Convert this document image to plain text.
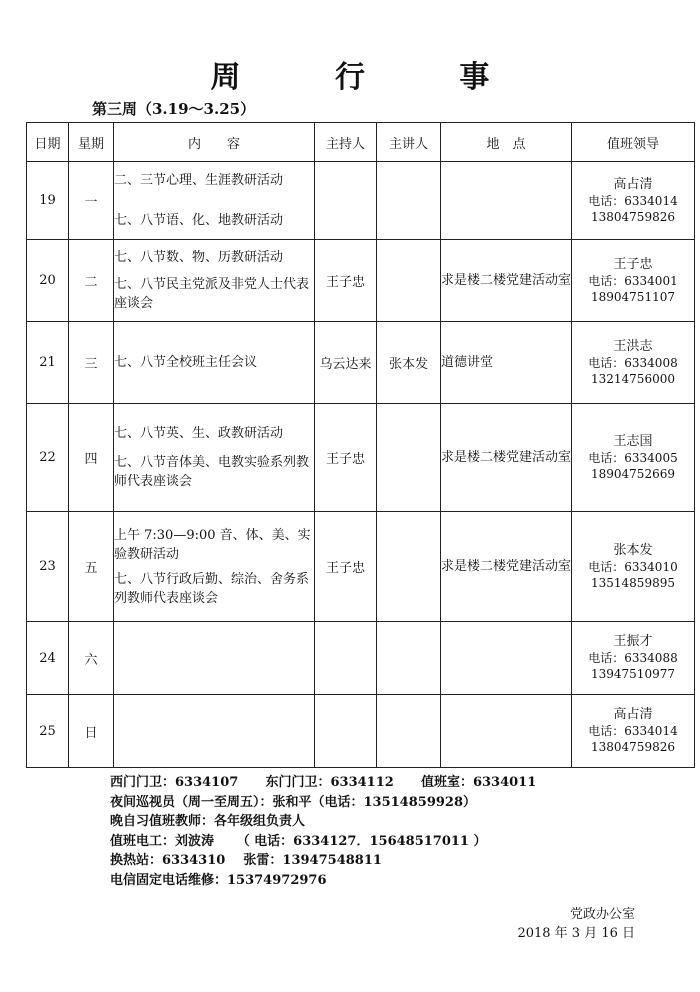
周 行 事
第三周（3.19～3.25）
日期	星期	内　　容	主持人	主讲人	地　点	值班领导
19	一	二、三节心理、生涯教研活动
七、八节语、化、地教研活动				高占清
电话：6334014
13804759826

20	二	七、八节数、物、历教研活动
七、八节民主党派及非党人士代表座谈会	王子忠		求是楼二楼党建活动室	王子忠
电话：6334001
18904751107

21	三	七、八节全校班主任会议	乌云达来	张本发	道德讲堂	王洪志
电话：6334008
13214756000

22	四	七、八节英、生、政教研活动
七、八节音体美、电教实验系列教师代表座谈会	王子忠		求是楼二楼党建活动室	王志国
电话：6334005
18904752669

23	五	上午 7:30—9:00 音、体、美、实验教研活动
七、八节行政后勤、综治、舍务系列教师代表座谈会	王子忠		求是楼二楼党建活动室	张本发
电话：6334010
13514859895

24	六					王振才
电话：6334088
13947510977

25	日					高占清
电话：6334014
13804759826
西门门卫：6334107      东门门卫：6334112      值班室：6334011
夜间巡视员（周一至周五）：张和平（电话：13514859928）
晚自习值班教师：各年级组负责人
值班电工：刘波涛     （ 电话：6334127．15648517011 ）
换热站：6334310    张雷：13947548811
电信固定电话维修：15374972976
党政办公室
2018 年 3 月 16 日
